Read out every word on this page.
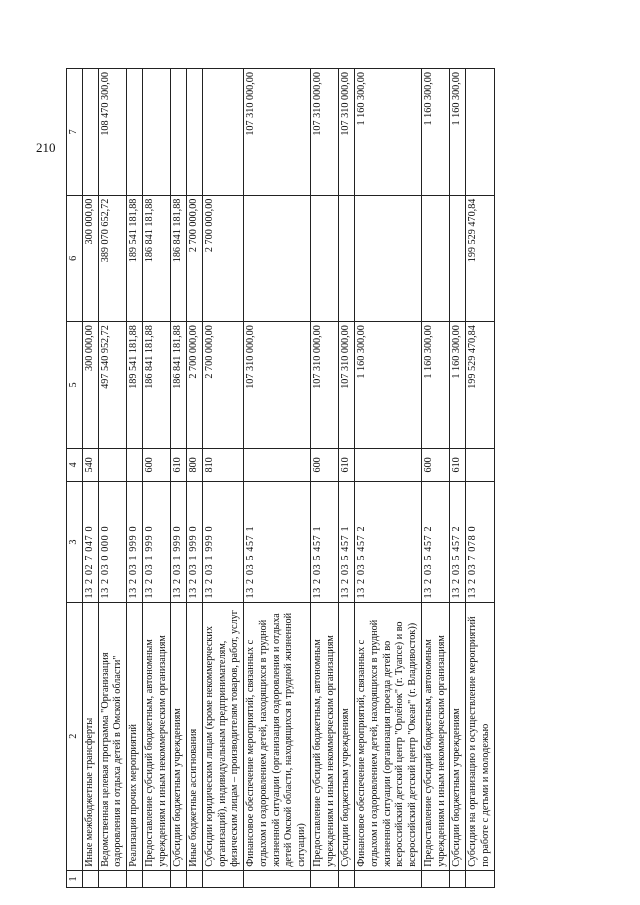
210
1	2	3	4	5	6	7
	Иные межбюджетные трансферты	13 2 02 7 047 0	540	300 000,00	300 000,00	
	Ведомственная целевая программа "Организация оздоровления и отдыха детей в Омской области"	13 2 03 0 000 0		497 540 952,72	389 070 652,72	108 470 300,00
	Реализация прочих мероприятий	13 2 03 1 999 0		189 541 181,88	189 541 181,88	
	Предоставление субсидий бюджетным, автономным учреждениям и иным некоммерческим организациям	13 2 03 1 999 0	600	186 841 181,88	186 841 181,88	
	Субсидии бюджетным учреждениям	13 2 03 1 999 0	610	186 841 181,88	186 841 181,88	
	Иные бюджетные ассигнования	13 2 03 1 999 0	800	2 700 000,00	2 700 000,00	
	Субсидии юридическим лицам (кроме некоммерческих организаций), индивидуальным предпринимателям, физическим лицам – производителям товаров, работ, услуг	13 2 03 1 999 0	810	2 700 000,00	2 700 000,00	
	Финансовое обеспечение мероприятий, связанных с отдыхом и оздоровлением детей, находящихся в трудной жизненной ситуации (организация оздоровления и отдыха детей Омской области, находящихся в трудной жизненной ситуации)	13 2 03 5 457 1		107 310 000,00		107 310 000,00
	Предоставление субсидий бюджетным, автономным учреждениям и иным некоммерческим организациям	13 2 03 5 457 1	600	107 310 000,00		107 310 000,00
	Субсидии бюджетным учреждениям	13 2 03 5 457 1	610	107 310 000,00		107 310 000,00
	Финансовое обеспечение мероприятий, связанных с отдыхом и оздоровлением детей, находящихся в трудной жизненной ситуации (организация проезда детей во всероссийский детский центр "Орлёнок" (г. Туапсе) и во всероссийский детский центр "Океан" (г. Владивосток))	13 2 03 5 457 2		1 160 300,00		1 160 300,00
	Предоставление субсидий бюджетным, автономным учреждениям и иным некоммерческим организациям	13 2 03 5 457 2	600	1 160 300,00		1 160 300,00
	Субсидии бюджетным учреждениям	13 2 03 5 457 2	610	1 160 300,00		1 160 300,00
	Субсидия на организацию и осуществление мероприятий по работе с детьми и молодежью	13 2 03 7 078 0		199 529 470,84	199 529 470,84	
